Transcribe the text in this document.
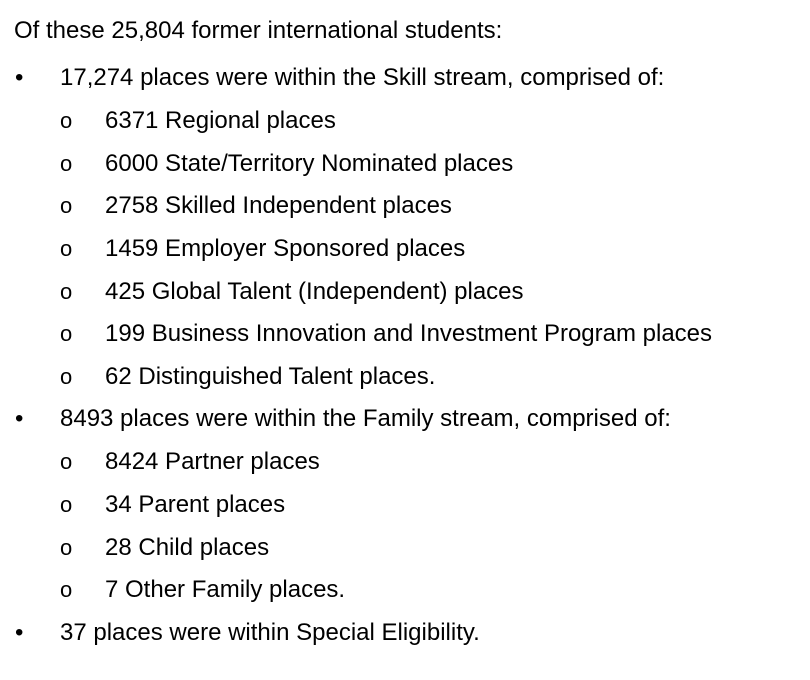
Of these 25,804 former international students:
• 17,274 places were within the Skill stream, comprised of:
o 6371 Regional places
o 6000 State/Territory Nominated places
o 2758 Skilled Independent places
o 1459 Employer Sponsored places
o 425 Global Talent (Independent) places
o 199 Business Innovation and Investment Program places
o 62 Distinguished Talent places.
• 8493 places were within the Family stream, comprised of:
o 8424 Partner places
o 34 Parent places
o 28 Child places
o 7 Other Family places.
• 37 places were within Special Eligibility.
